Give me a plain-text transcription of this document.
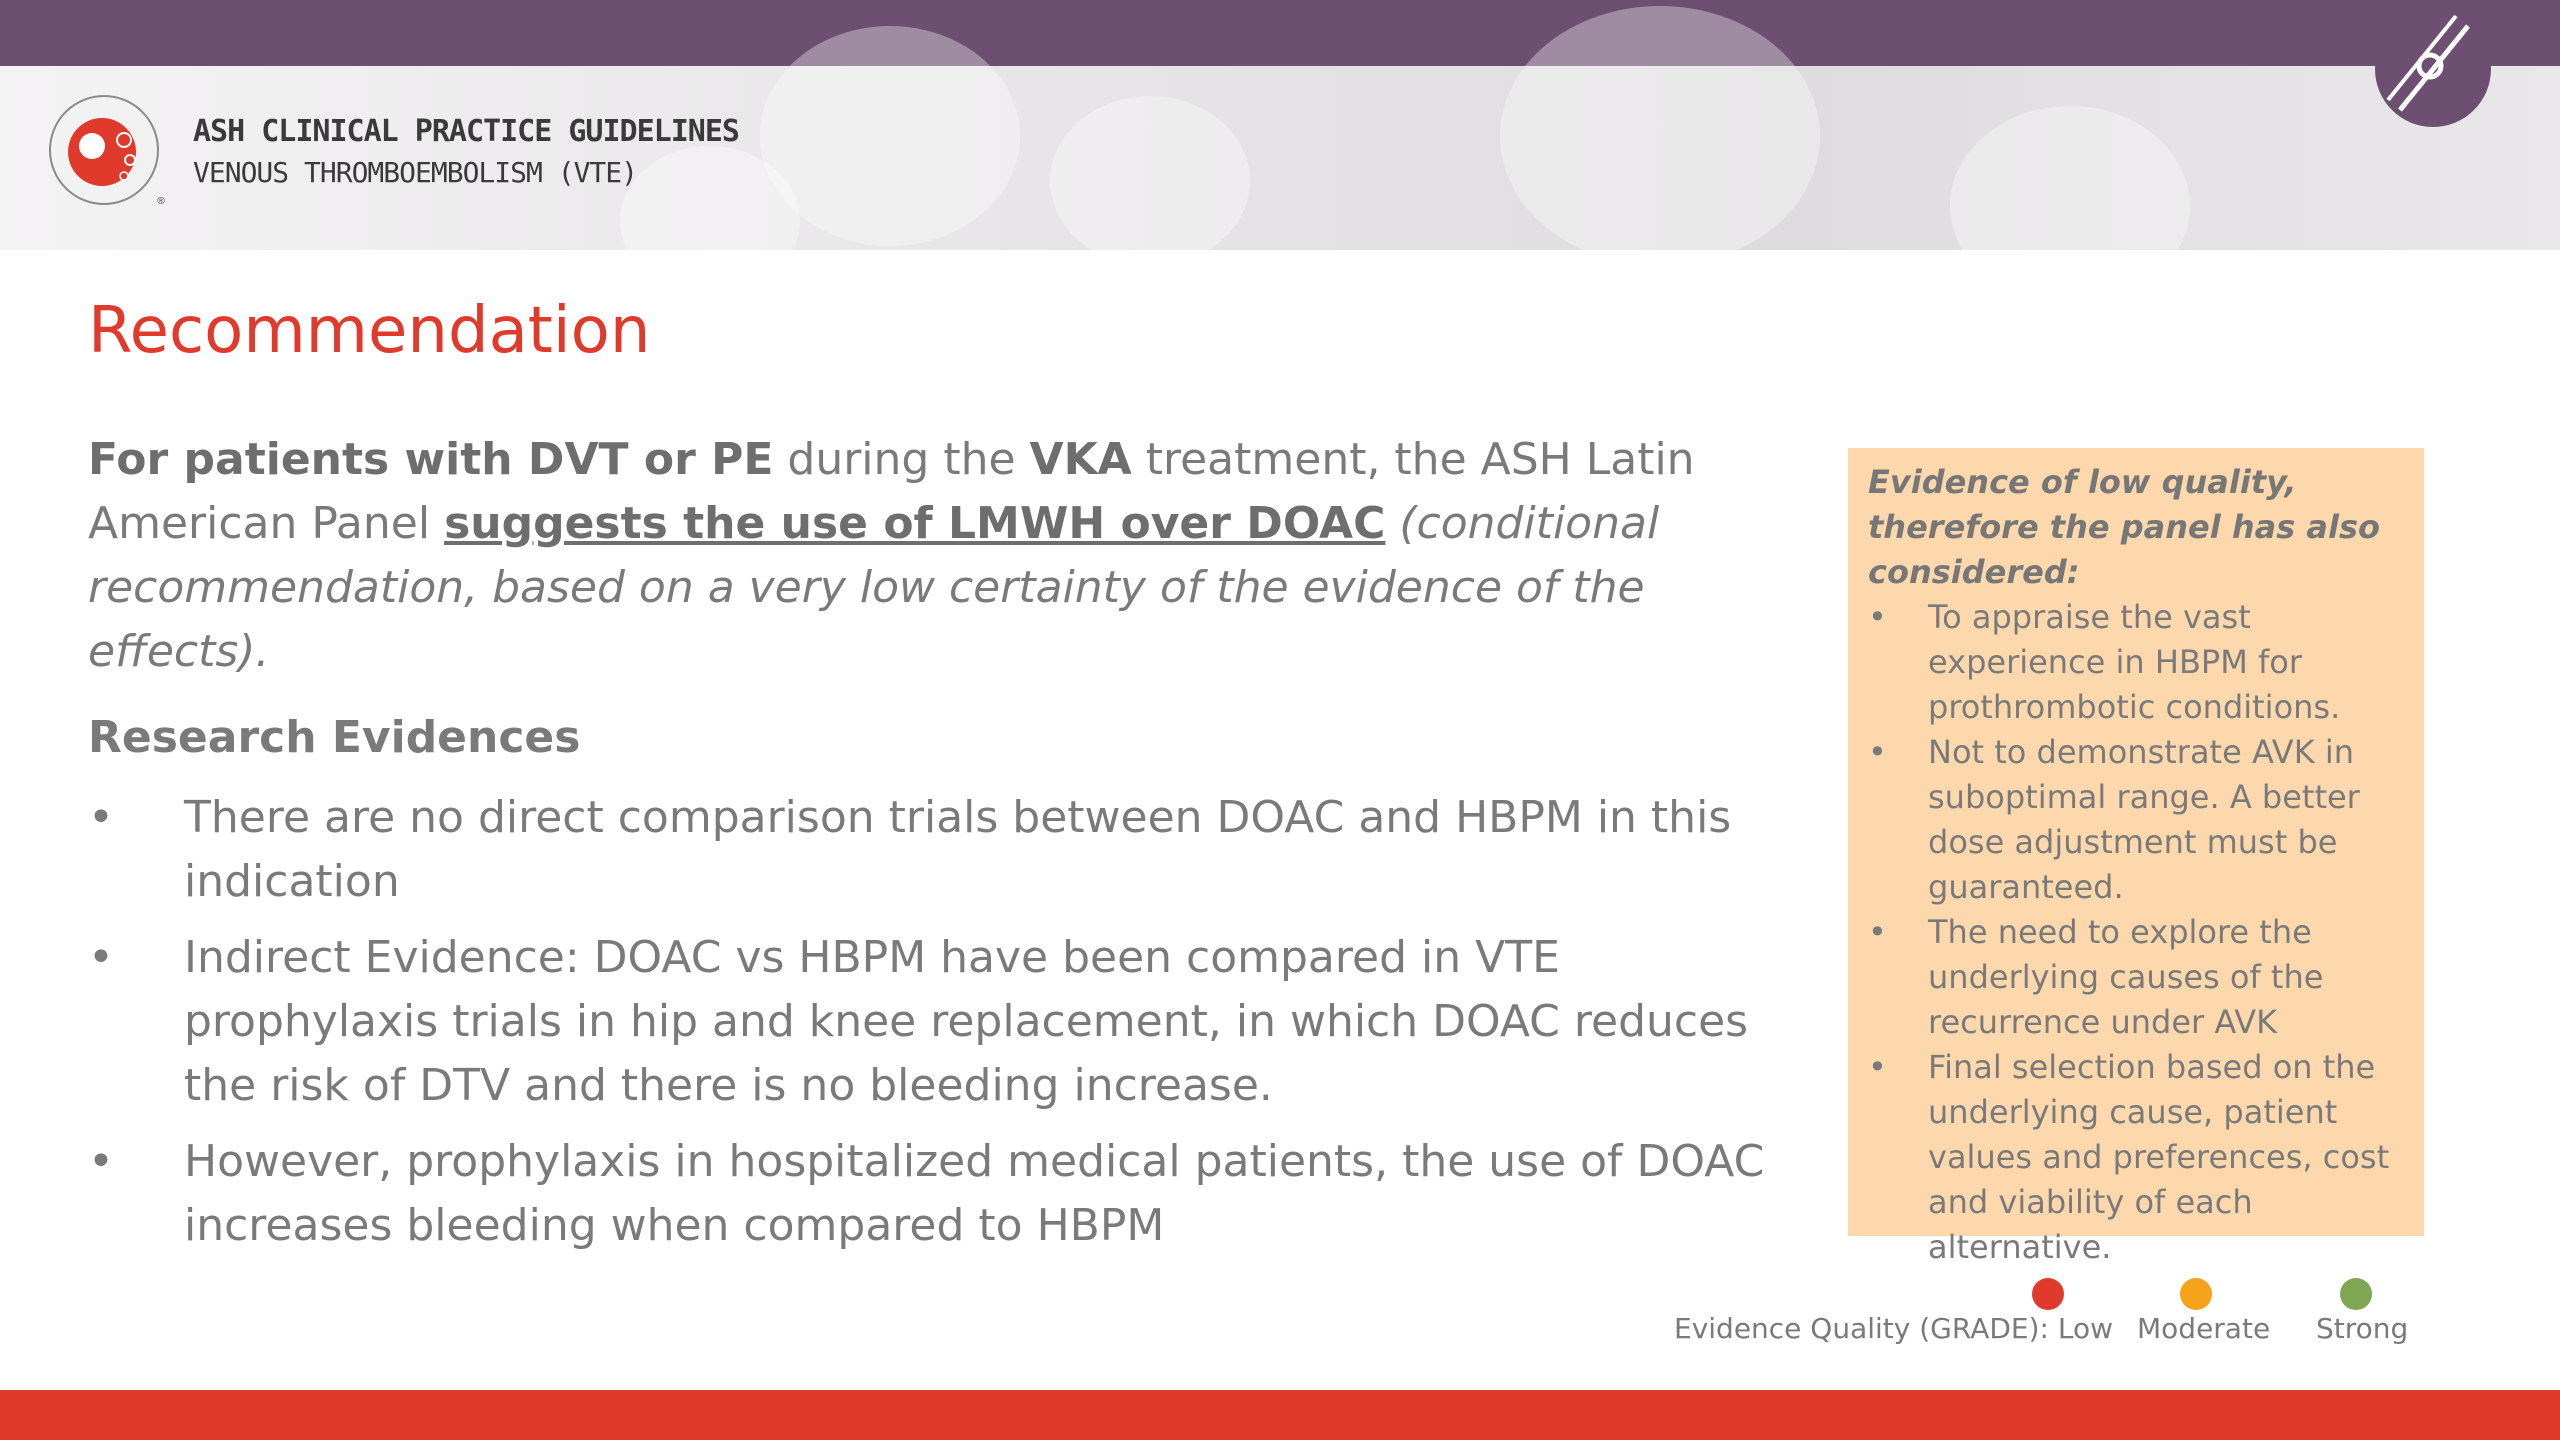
®
ASH CLINICAL PRACTICE GUIDELINES
VENOUS THROMBOEMBOLISM (VTE)
Recommendation

For patients with DVT or PE during the VKA treatment, the ASH Latin American Panel suggests the use of LMWH over DOAC (conditional recommendation, based on a very low certainty of the evidence of the effects).

Research Evidences
• There are no direct comparison trials between DOAC and HBPM in this indication
• Indirect Evidence: DOAC vs HBPM have been compared in VTE prophylaxis trials in hip and knee replacement, in which DOAC reduces the risk of DTV and there is no bleeding increase.
• However, prophylaxis in hospitalized medical patients, the use of DOAC increases bleeding when compared to HBPM
Evidence of low quality, therefore the panel has also considered:
• To appraise the vast experience in HBPM for prothrombotic conditions.
• Not to demonstrate AVK in suboptimal range. A better dose adjustment must be guaranteed.
• The need to explore the underlying causes of the recurrence under AVK
• Final selection based on the underlying cause, patient values and preferences, cost and viability of each alternative.
Evidence Quality (GRADE): Low Moderate Strong
